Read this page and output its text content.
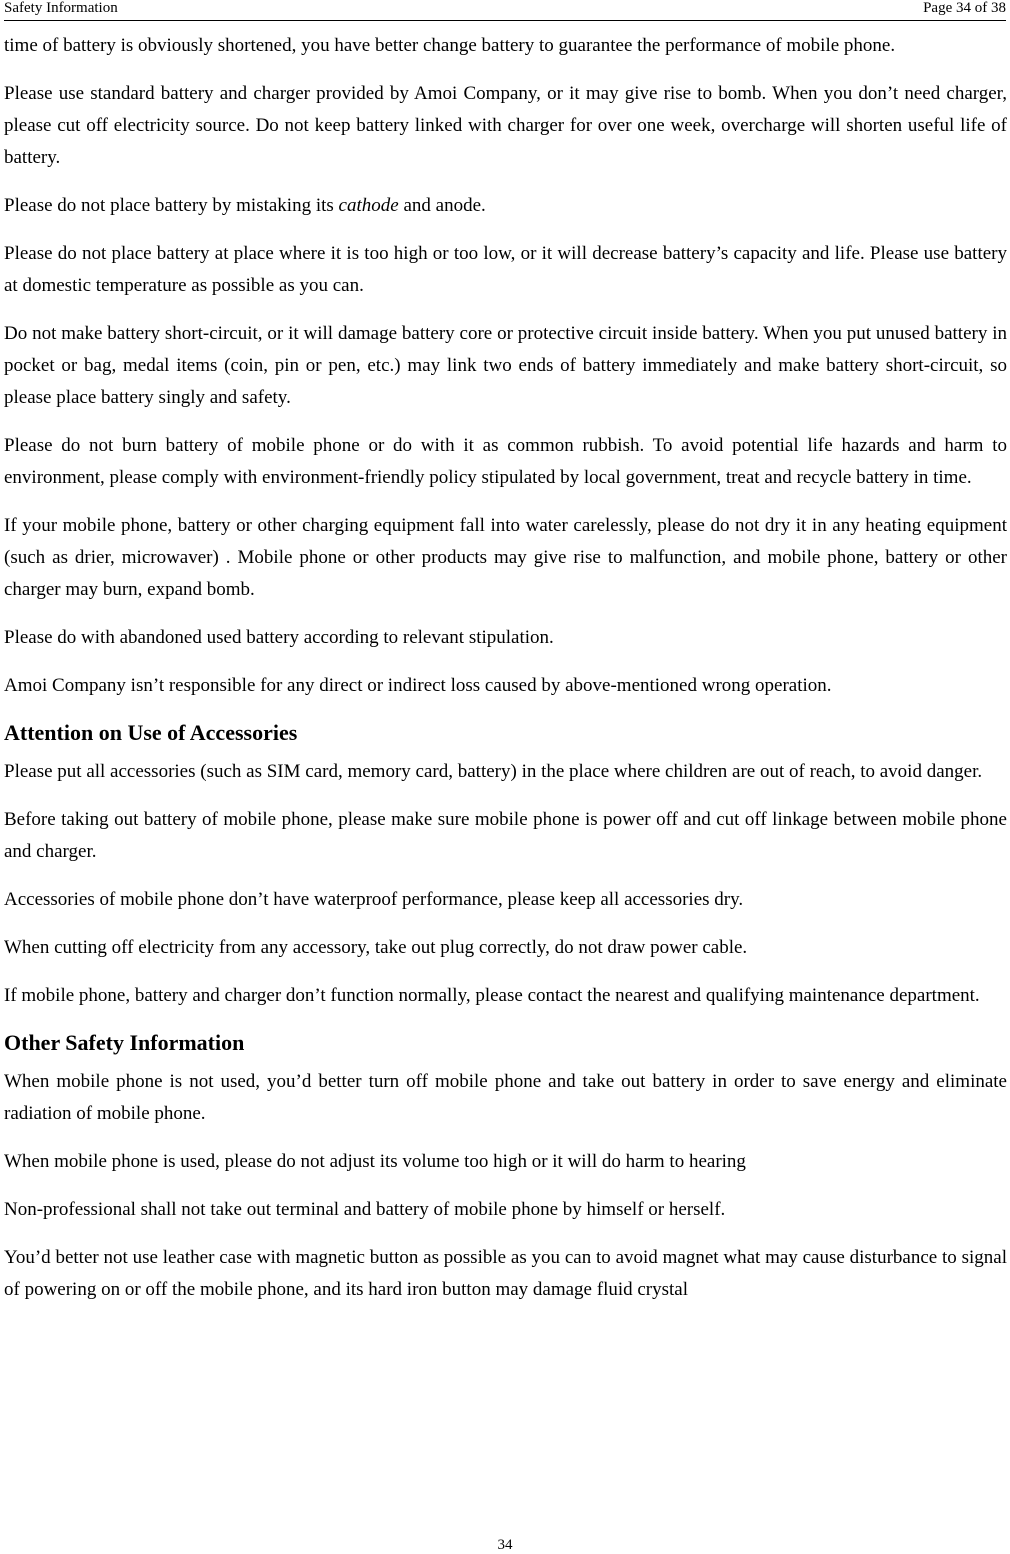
Safety Information	Page 34 of 38

time of battery is obviously shortened, you have better change battery to guarantee the performance of mobile phone.

Please use standard battery and charger provided by Amoi Company, or it may give rise to bomb. When you don’t need charger, please cut off electricity source. Do not keep battery linked with charger for over one week, overcharge will shorten useful life of battery.

Please do not place battery by mistaking its cathode and anode.

Please do not place battery at place where it is too high or too low, or it will decrease battery’s capacity and life. Please use battery at domestic temperature as possible as you can.

Do not make battery short-circuit, or it will damage battery core or protective circuit inside battery. When you put unused battery in pocket or bag, medal items (coin, pin or pen, etc.) may link two ends of battery immediately and make battery short-circuit, so please place battery singly and safety.

Please do not burn battery of mobile phone or do with it as common rubbish. To avoid potential life hazards and harm to environment, please comply with environment-friendly policy stipulated by local government, treat and recycle battery in time.

If your mobile phone, battery or other charging equipment fall into water carelessly, please do not dry it in any heating equipment (such as drier, microwaver) . Mobile phone or other products may give rise to malfunction, and mobile phone, battery or other charger may burn, expand bomb.

Please do with abandoned used battery according to relevant stipulation.

Amoi Company isn’t responsible for any direct or indirect loss caused by above-mentioned wrong operation.

Attention on Use of Accessories

Please put all accessories (such as SIM card, memory card, battery) in the place where children are out of reach, to avoid danger.

Before taking out battery of mobile phone, please make sure mobile phone is power off and cut off linkage between mobile phone and charger.

Accessories of mobile phone don’t have waterproof performance, please keep all accessories dry.

When cutting off electricity from any accessory, take out plug correctly, do not draw power cable.

If mobile phone, battery and charger don’t function normally, please contact the nearest and qualifying maintenance department.

Other Safety Information

When mobile phone is not used, you’d better turn off mobile phone and take out battery in order to save energy and eliminate radiation of mobile phone.

When mobile phone is used, please do not adjust its volume too high or it will do harm to hearing

Non-professional shall not take out terminal and battery of mobile phone by himself or herself.

You’d better not use leather case with magnetic button as possible as you can to avoid magnet what may cause disturbance to signal of powering on or off the mobile phone, and its hard iron button may damage fluid crystal

34
